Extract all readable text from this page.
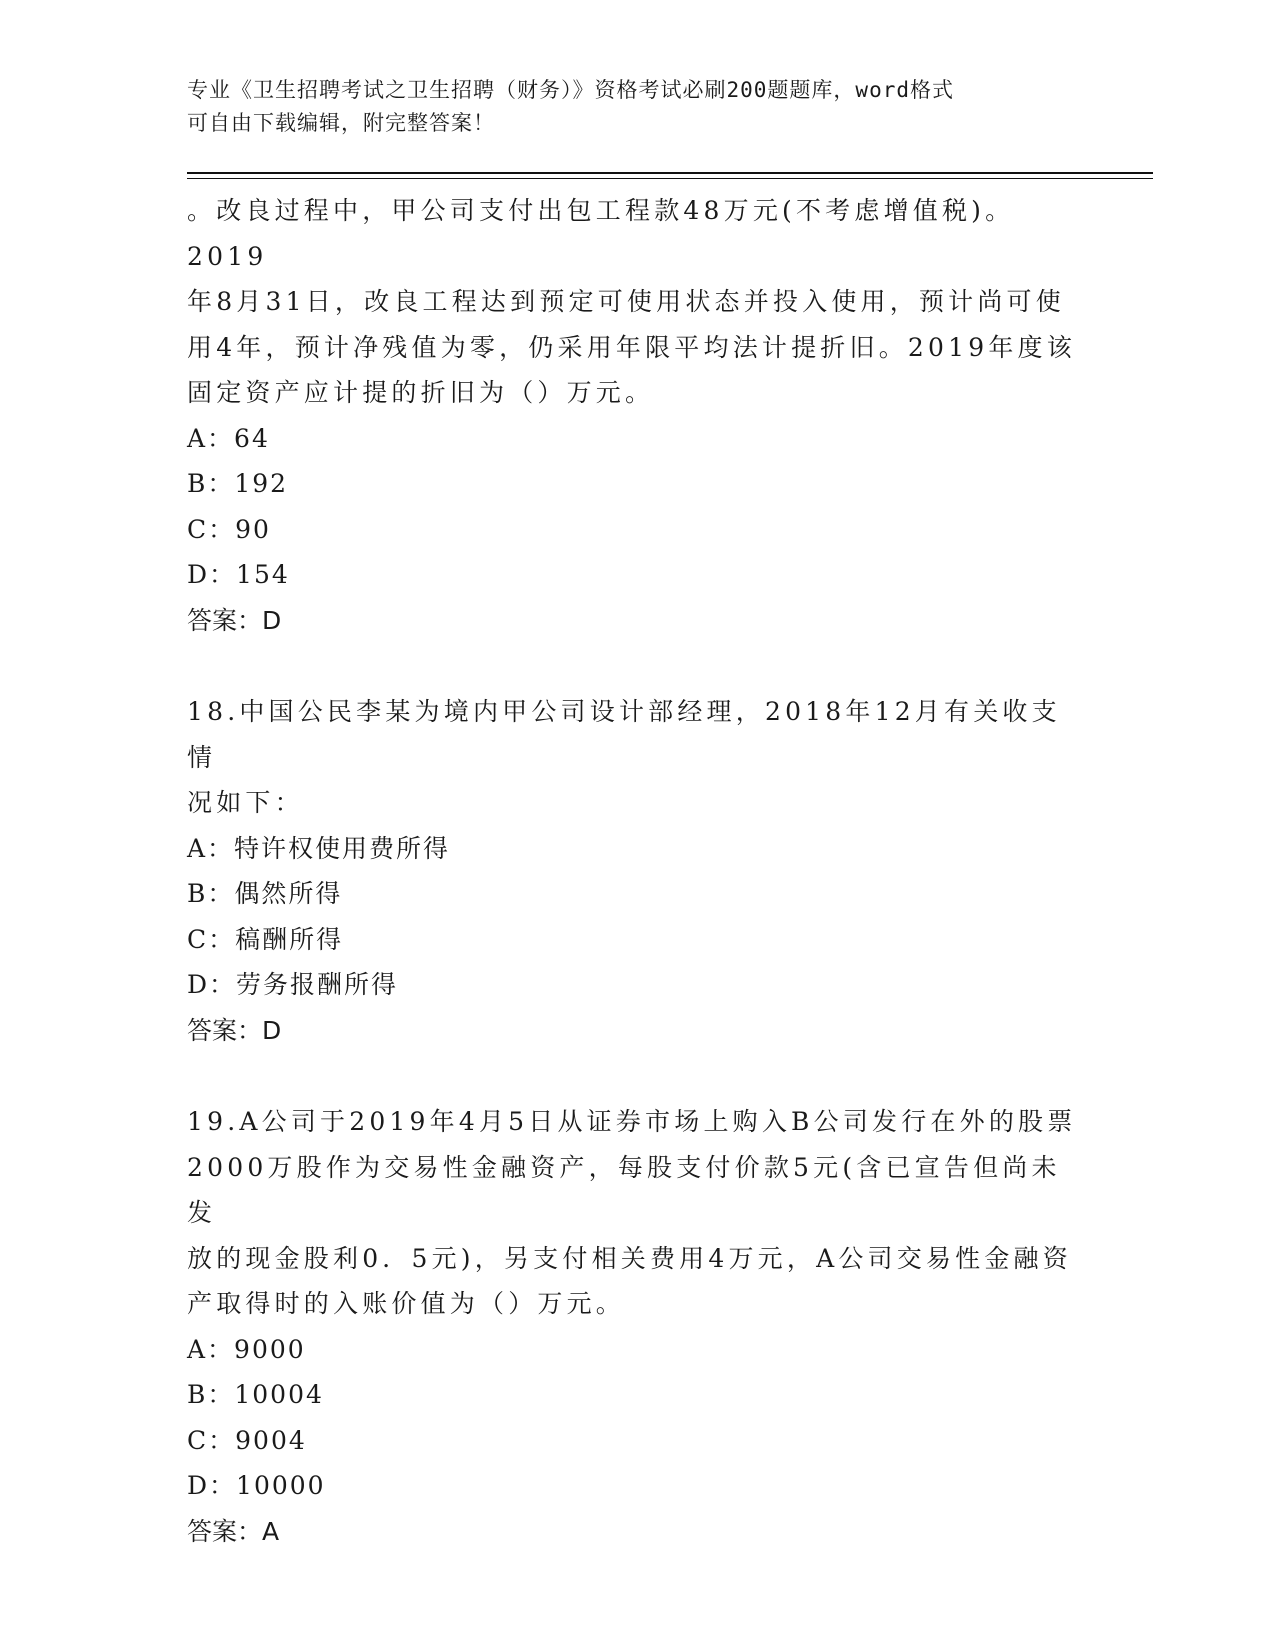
专业《卫生招聘考试之卫生招聘（财务）》资格考试必刷200题题库，word格式
可自由下载编辑，附完整答案！

。改良过程中，甲公司支付出包工程款48万元(不考虑增值税)。2019

年8月31日，改良工程达到预定可使用状态并投入使用，预计尚可使

用4年，预计净残值为零，仍采用年限平均法计提折旧。2019年度该

固定资产应计提的折旧为（）万元。

A：64

B：192

C：90

D：154

答案：D

18.中国公民李某为境内甲公司设计部经理，2018年12月有关收支情

况如下：

A：特许权使用费所得

B：偶然所得

C：稿酬所得

D：劳务报酬所得

答案：D

19.A公司于2019年4月5日从证券市场上购入B公司发行在外的股票

2000万股作为交易性金融资产，每股支付价款5元(含已宣告但尚未发

放的现金股利0．5元)，另支付相关费用4万元，A公司交易性金融资

产取得时的入账价值为（）万元。

A：9000

B：10004

C：9004

D：10000

答案：A
